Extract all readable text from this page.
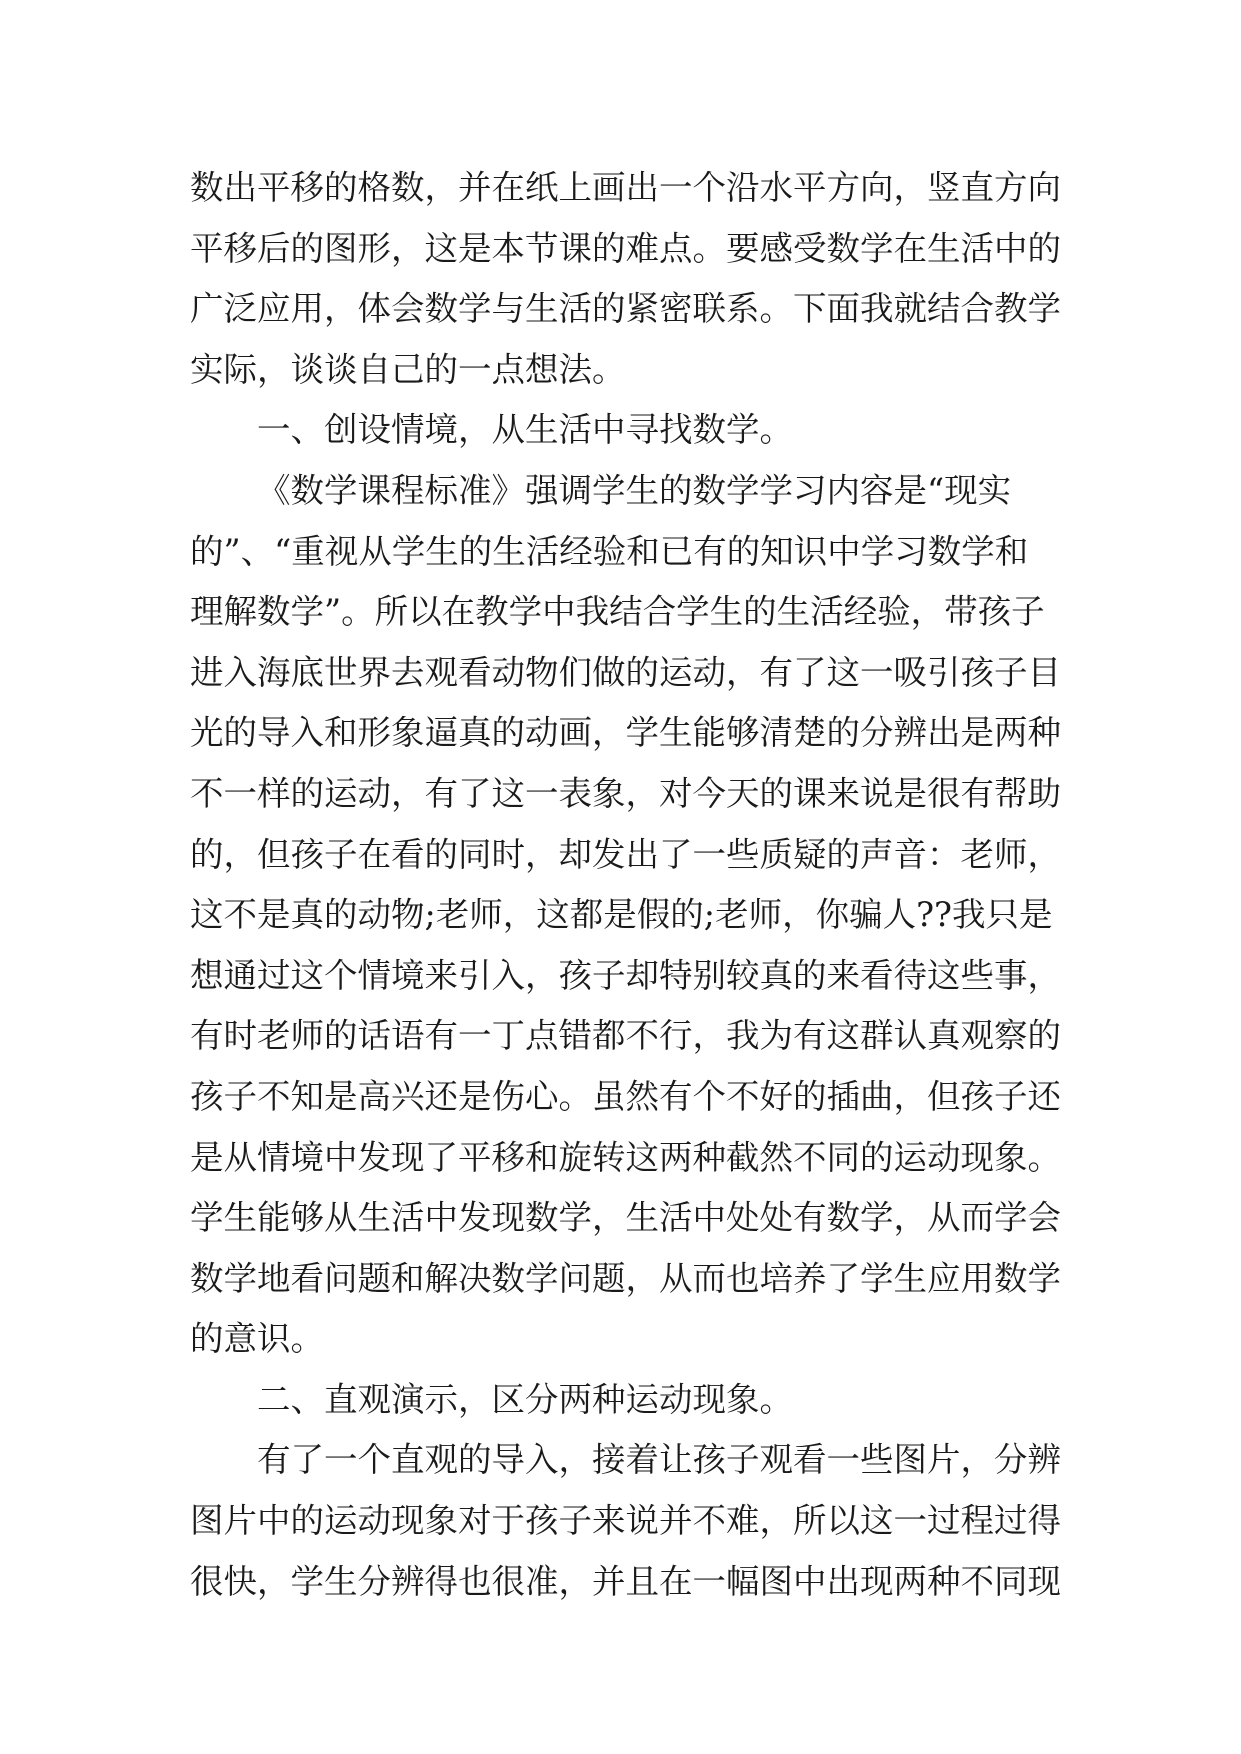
数出平移的格数，并在纸上画出一个沿水平方向，竖直方向
平移后的图形，这是本节课的难点。要感受数学在生活中的
广泛应用，体会数学与生活的紧密联系。下面我就结合教学
实际，谈谈自己的一点想法。
一、创设情境，从生活中寻找数学。
《数学课程标准》强调学生的数学学习内容是“现实
的”、“重视从学生的生活经验和已有的知识中学习数学和
理解数学”。所以在教学中我结合学生的生活经验，带孩子
进入海底世界去观看动物们做的运动，有了这一吸引孩子目
光的导入和形象逼真的动画，学生能够清楚的分辨出是两种
不一样的运动，有了这一表象，对今天的课来说是很有帮助
的，但孩子在看的同时，却发出了一些质疑的声音：老师，
这不是真的动物;老师，这都是假的;老师，你骗人??我只是
想通过这个情境来引入，孩子却特别较真的来看待这些事，
有时老师的话语有一丁点错都不行，我为有这群认真观察的
孩子不知是高兴还是伤心。虽然有个不好的插曲，但孩子还
是从情境中发现了平移和旋转这两种截然不同的运动现象。
学生能够从生活中发现数学，生活中处处有数学，从而学会
数学地看问题和解决数学问题，从而也培养了学生应用数学
的意识。
二、直观演示，区分两种运动现象。
有了一个直观的导入，接着让孩子观看一些图片，分辨
图片中的运动现象对于孩子来说并不难，所以这一过程过得
很快，学生分辨得也很准，并且在一幅图中出现两种不同现
